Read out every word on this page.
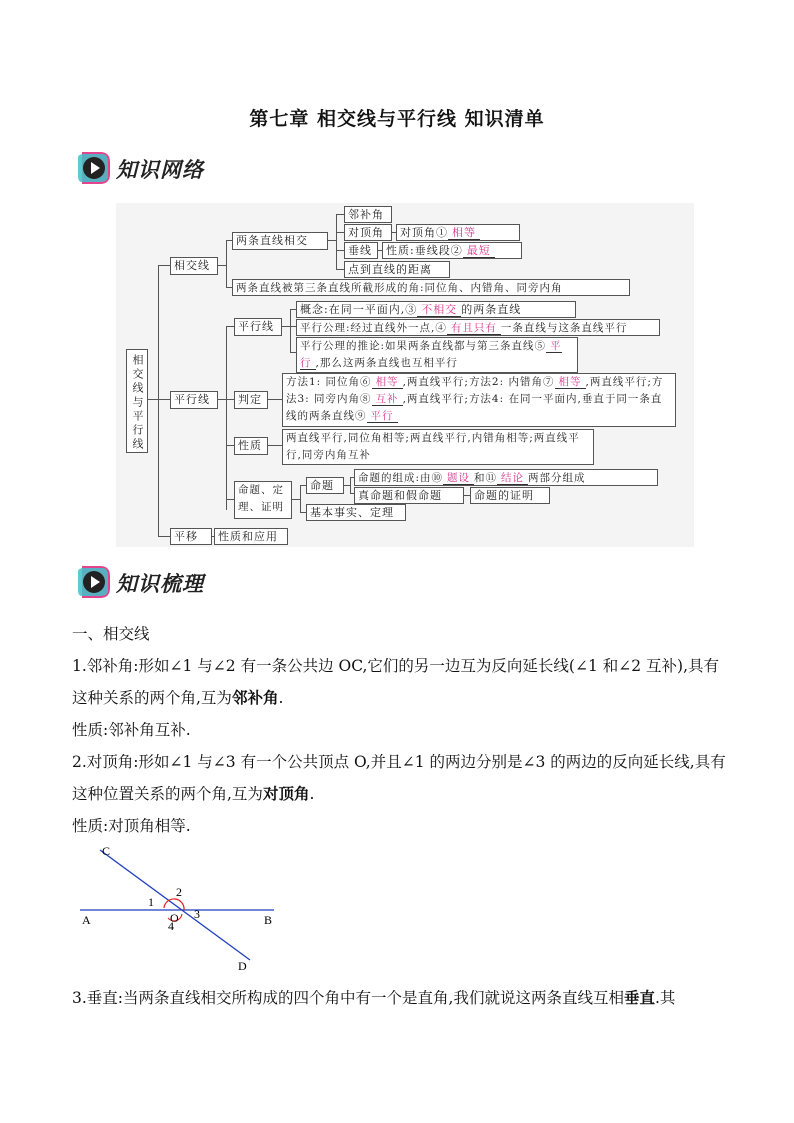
第七章 相交线与平行线 知识清单
知识网络
相交线与平行线
相交线
两条直线相交
邻补角
对顶角	对顶角① 相等
垂线	性质:垂线段② 最短
点到直线的距离
两条直线被第三条直线所截形成的角:同位角、内错角、同旁内角
平行线
平行线
概念:在同一平面内,③ 不相交 的两条直线
平行公理:经过直线外一点,④ 有且只有 一条直线与这条直线平行
平行公理的推论:如果两条直线都与第三条直线⑤ 平行 ,那么这两条直线也互相平行
判定
方法1: 同位角⑥ 相等 ,两直线平行;方法2: 内错角⑦ 相等 ,两直线平行;方法3: 同旁内角⑧ 互补 ,两直线平行;方法4: 在同一平面内,垂直于同一条直线的两条直线⑨ 平行
性质
两直线平行,同位角相等;两直线平行,内错角相等;两直线平行,同旁内角互补
命题、定理、证明
命题
命题的组成:由⑩ 题设 和⑪ 结论 两部分组成
真命题和假命题	命题的证明
基本事实、定理
平移	性质和应用
知识梳理

一、相交线

1.邻补角:形如∠1 与∠2 有一条公共边 OC,它们的另一边互为反向延长线(∠1 和∠2 互补),具有这种关系的两个角,互为邻补角.

性质:邻补角互补.

2.对顶角:形如∠1 与∠3 有一个公共顶点 O,并且∠1 的两边分别是∠3 的两边的反向延长线,具有这种位置关系的两个角,互为对顶角.

性质:对顶角相等.

C
A	B
D
O
1
2
3
4

3.垂直:当两条直线相交所构成的四个角中有一个是直角,我们就说这两条直线互相垂直.其
